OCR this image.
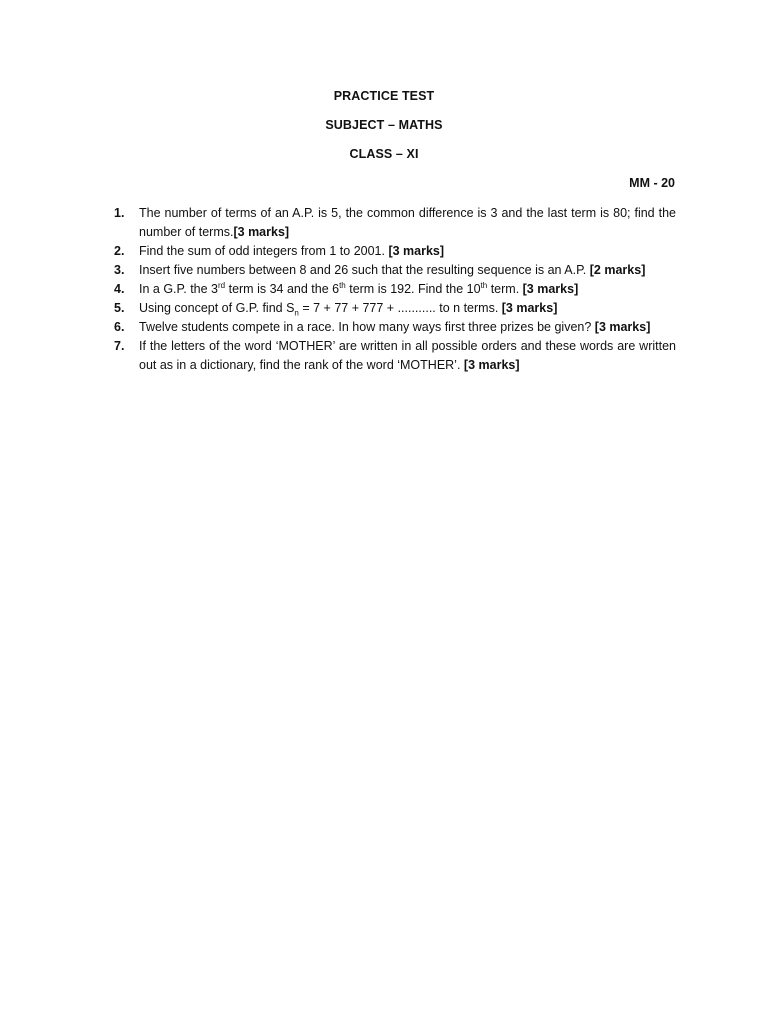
PRACTICE TEST
SUBJECT – MATHS
CLASS – XI
MM - 20
1. The number of terms of an A.P. is 5, the common difference is 3 and the last term is 80; find the number of terms.[3 marks]
2. Find the sum of odd integers from 1 to 2001. [3 marks]
3. Insert five numbers between 8 and 26 such that the resulting sequence is an A.P. [2 marks]
4. In a G.P. the 3rd term is 34 and the 6th term is 192. Find the 10th term. [3 marks]
5. Using concept of G.P. find $S_n = 7 + 77 + 777$ + ........... to n terms. [3 marks]
6. Twelve students compete in a race. In how many ways first three prizes be given? [3 marks]
7. If the letters of the word ‘MOTHER’ are written in all possible orders and these words are written out as in a dictionary, find the rank of the word ‘MOTHER’. [3 marks]
